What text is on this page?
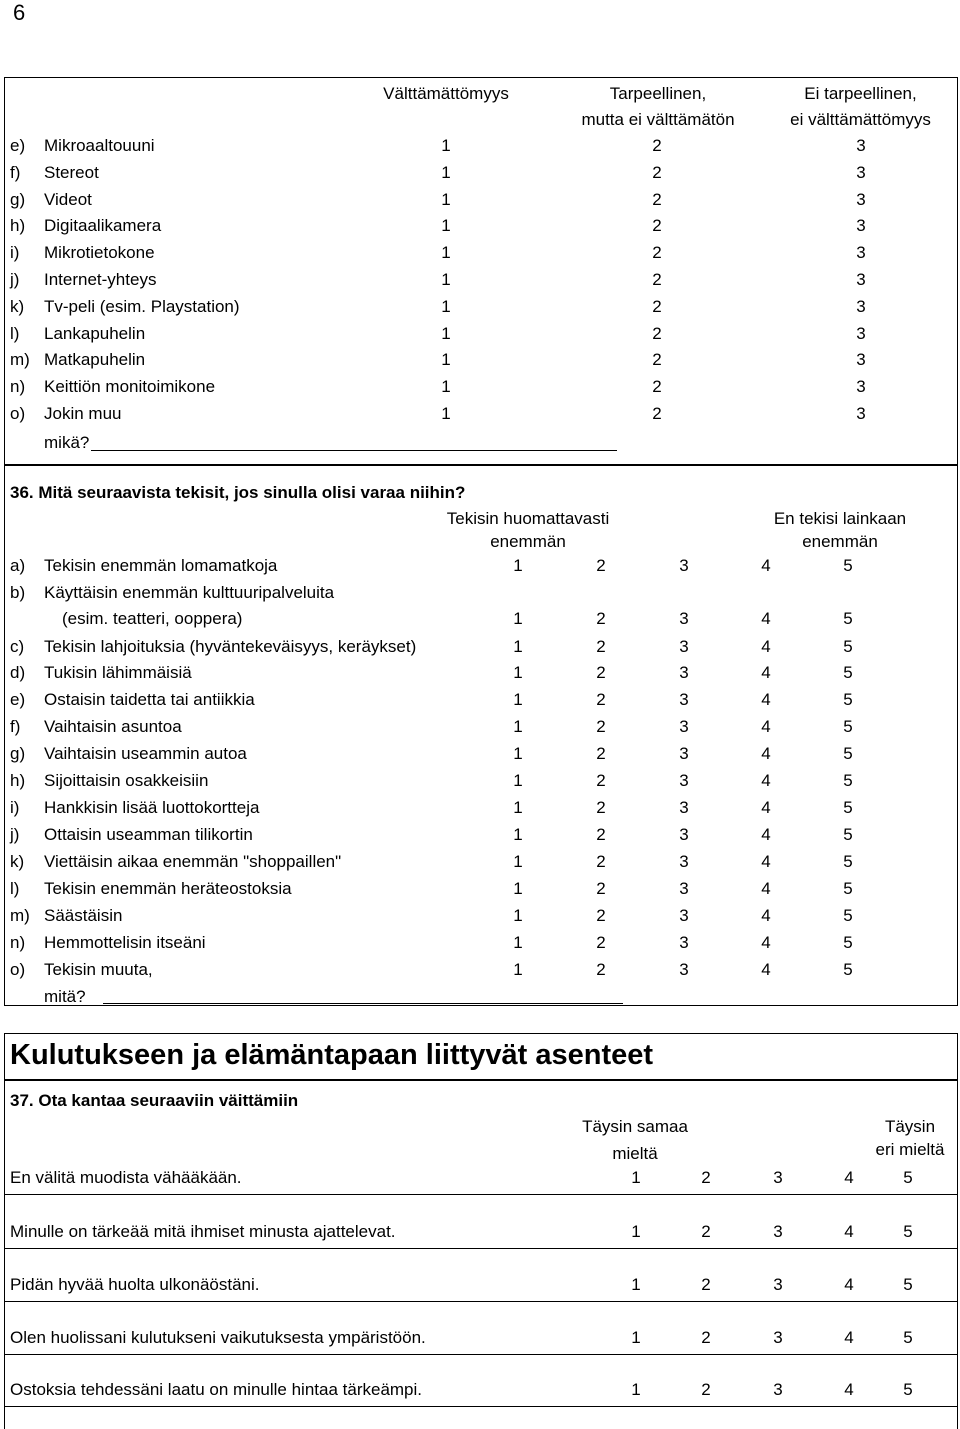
6
Välttämättömyys	Tarpeellinen,
mutta ei välttämätön
Ei tarpeellinen,
ei välttämättömyys
e) Mikroaaltouuni	1	2	3
f) Stereot	1	2	3
g) Videot	1	2	3
h) Digitaalikamera	1	2	3
i) Mikrotietokone	1	2	3
j) Internet-yhteys	1	2	3
k) Tv-peli (esim. Playstation)	1	2	3
l) Lankapuhelin	1	2	3
m) Matkapuhelin	1	2	3
n) Keittiön monitoimikone	1	2	3
o) Jokin muu	1	2	3
mikä?
36. Mitä seuraavista tekisit, jos sinulla olisi varaa niihin?
Tekisin huomattavasti
enemmän
En tekisi lainkaan
enemmän
a) Tekisin enemmän lomamatkoja	1	2	3	4	5
b) Käyttäisin enemmän kulttuuripalveluita
(esim. teatteri, ooppera)	1	2	3	4	5
c) Tekisin lahjoituksia (hyväntekeväisyys, keräykset)	1	2	3	4	5
d) Tukisin lähimmäisiä	1	2	3	4	5
e) Ostaisin taidetta tai antiikkia	1	2	3	4	5
f) Vaihtaisin asuntoa	1	2	3	4	5
g) Vaihtaisin useammin autoa	1	2	3	4	5
h) Sijoittaisin osakkeisiin	1	2	3	4	5
i) Hankkisin lisää luottokortteja	1	2	3	4	5
j) Ottaisin useamman tilikortin	1	2	3	4	5
k) Viettäisin aikaa enemmän "shoppaillen"	1	2	3	4	5
l) Tekisin enemmän heräteostoksia	1	2	3	4	5
m) Säästäisin	1	2	3	4	5
n) Hemmottelisin itseäni	1	2	3	4	5
o) Tekisin muuta,	1	2	3	4	5
mitä?
Kulutukseen ja elämäntapaan liittyvät asenteet
37. Ota kantaa seuraaviin väittämiin
Täysin samaa
mieltä
Täysin
eri mieltä
En välitä muodista vähääkään.	1	2	3	4	5
Minulle on tärkeää mitä ihmiset minusta ajattelevat.	1	2	3	4	5
Pidän hyvää huolta ulkonäöstäni.	1	2	3	4	5
Olen huolissani kulutukseni vaikutuksesta ympäristöön.	1	2	3	4	5
Ostoksia tehdessäni laatu on minulle hintaa tärkeämpi.	1	2	3	4	5
